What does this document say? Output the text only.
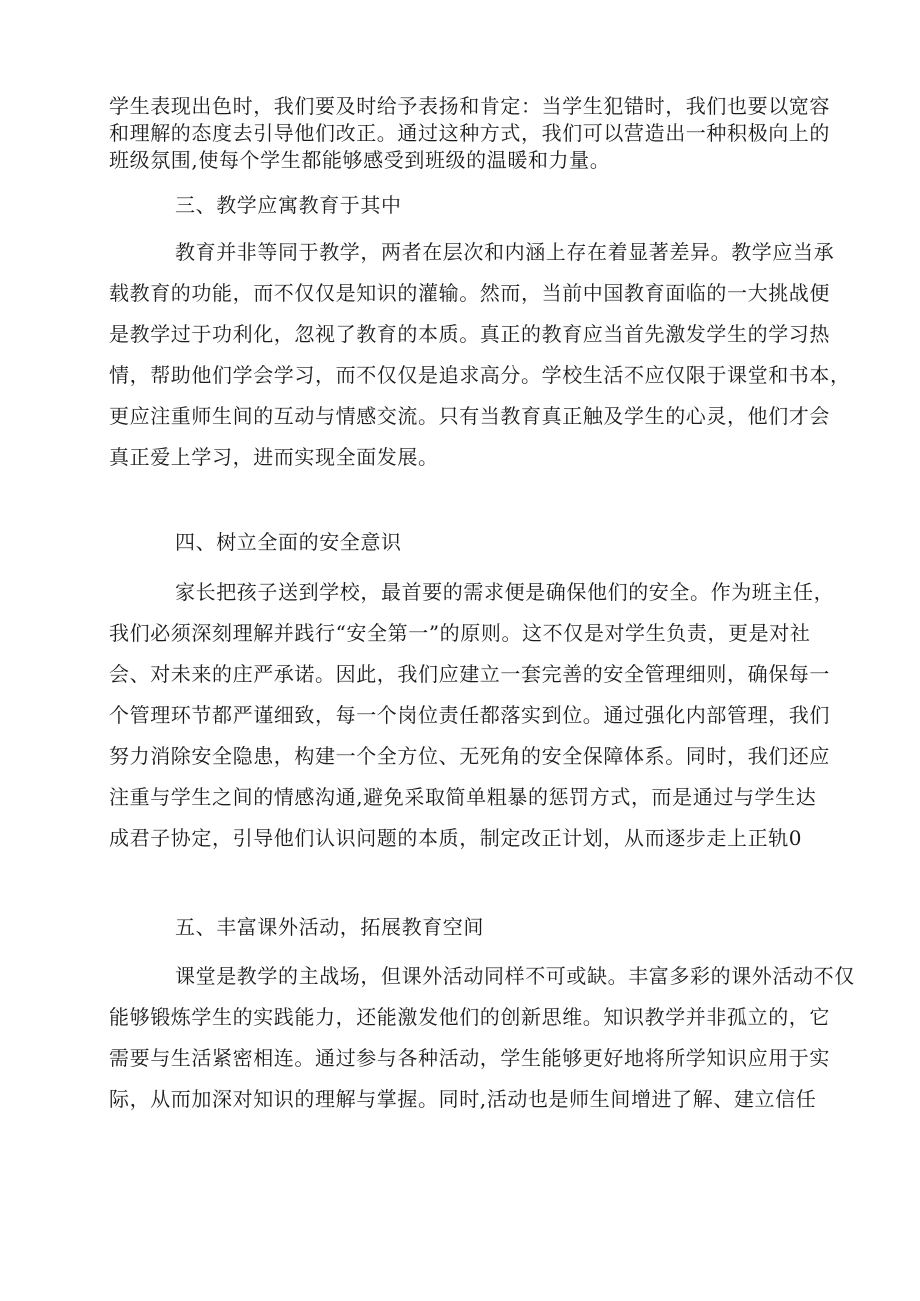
学生表现出色时，我们要及时给予表扬和肯定：当学生犯错时，我们也要以宽容
和理解的态度去引导他们改正。通过这种方式，我们可以营造出一种积极向上的
班级氛围,使每个学生都能够感受到班级的温暖和力量。
三、教学应寓教育于其中
教育并非等同于教学，两者在层次和内涵上存在着显著差异。教学应当承
载教育的功能，而不仅仅是知识的灌输。然而，当前中国教育面临的一大挑战便
是教学过于功利化，忽视了教育的本质。真正的教育应当首先激发学生的学习热
情，帮助他们学会学习，而不仅仅是追求高分。学校生活不应仅限于课堂和书本，
更应注重师生间的互动与情感交流。只有当教育真正触及学生的心灵，他们才会
真正爱上学习，进而实现全面发展。
四、树立全面的安全意识
家长把孩子送到学校，最首要的需求便是确保他们的安全。作为班主任，
我们必须深刻理解并践行“安全第一”的原则。这不仅是对学生负责，更是对社
会、对未来的庄严承诺。因此，我们应建立一套完善的安全管理细则，确保每一
个管理环节都严谨细致，每一个岗位责任都落实到位。通过强化内部管理，我们
努力消除安全隐患，构建一个全方位、无死角的安全保障体系。同时，我们还应
注重与学生之间的情感沟通,避免采取简单粗暴的惩罚方式，而是通过与学生达
成君子协定，引导他们认识问题的本质，制定改正计划，从而逐步走上正轨0
五、丰富课外活动，拓展教育空间
课堂是教学的主战场，但课外活动同样不可或缺。丰富多彩的课外活动不仅
能够锻炼学生的实践能力，还能激发他们的创新思维。知识教学并非孤立的，它
需要与生活紧密相连。通过参与各种活动，学生能够更好地将所学知识应用于实
际，从而加深对知识的理解与掌握。同时,活动也是师生间增进了解、建立信任
